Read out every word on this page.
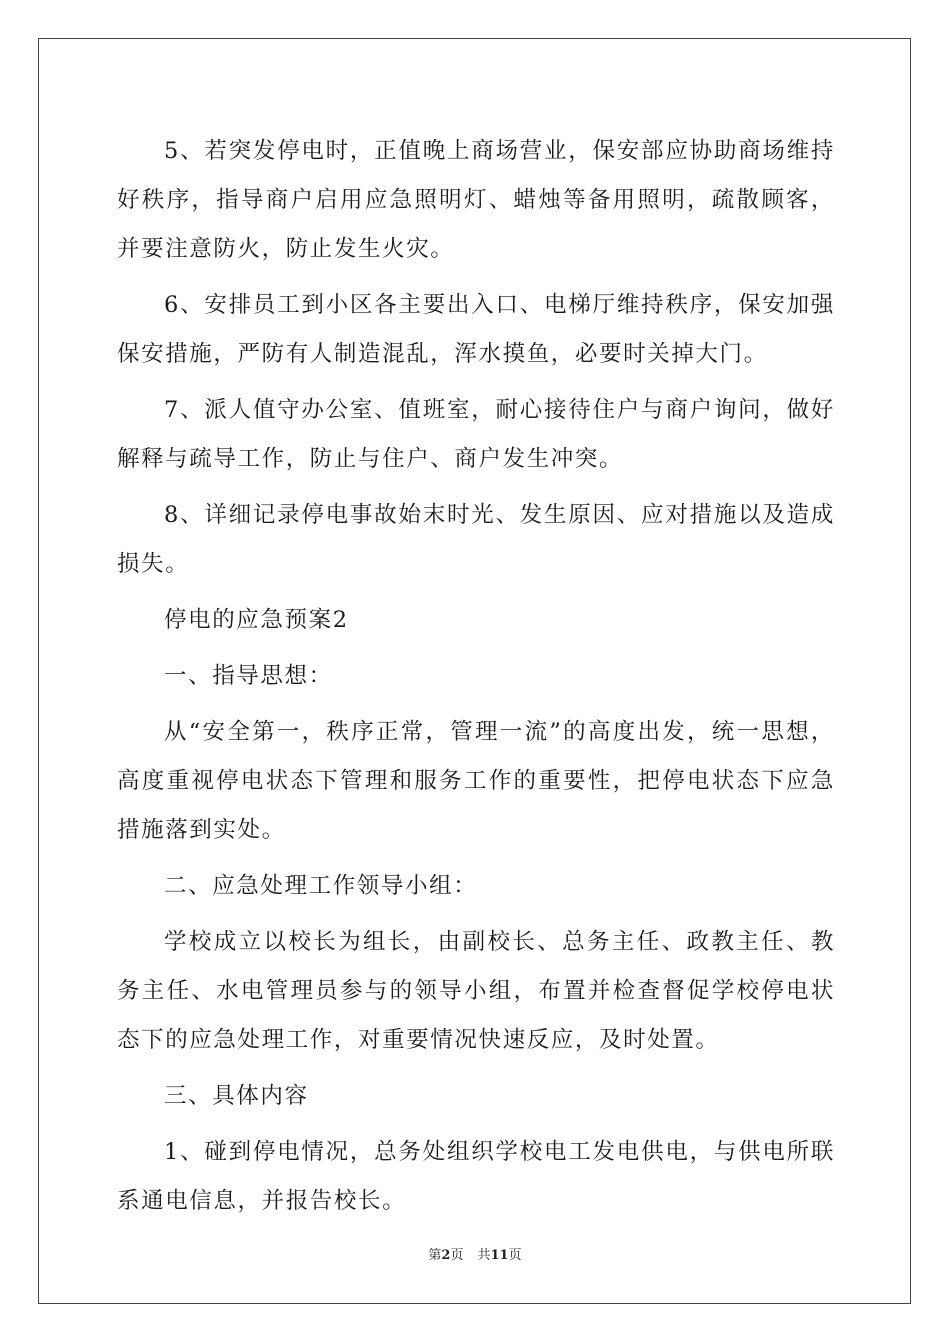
5、若突发停电时，正值晚上商场营业，保安部应协助商场维持好秩序，指导商户启用应急照明灯、蜡烛等备用照明，疏散顾客，并要注意防火，防止发生火灾。

6、安排员工到小区各主要出入口、电梯厅维持秩序，保安加强保安措施，严防有人制造混乱，浑水摸鱼，必要时关掉大门。

7、派人值守办公室、值班室，耐心接待住户与商户询问，做好解释与疏导工作，防止与住户、商户发生冲突。

8、详细记录停电事故始末时光、发生原因、应对措施以及造成损失。

停电的应急预案2

一、指导思想：

从“安全第一，秩序正常，管理一流”的高度出发，统一思想，高度重视停电状态下管理和服务工作的重要性，把停电状态下应急措施落到实处。

二、应急处理工作领导小组：

学校成立以校长为组长，由副校长、总务主任、政教主任、教务主任、水电管理员参与的领导小组，布置并检查督促学校停电状态下的应急处理工作，对重要情况快速反应，及时处置。

三、具体内容

1、碰到停电情况，总务处组织学校电工发电供电，与供电所联系通电信息，并报告校长。

第2页 共11页
